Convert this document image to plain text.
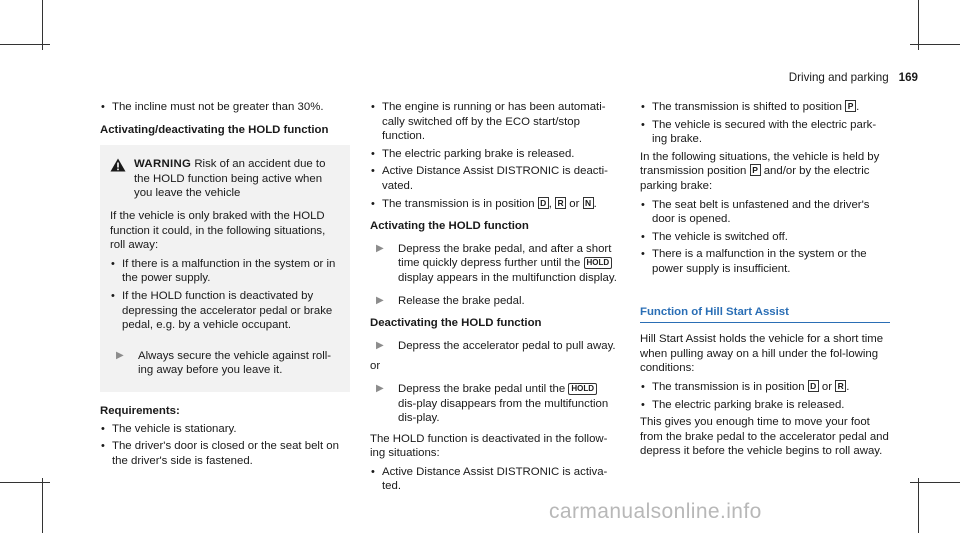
Driving and parking 169
• The incline must not be greater than 30%.
Activating/deactivating the HOLD function
WARNING Risk of an accident due to the HOLD function being active when you leave the vehicle

If the vehicle is only braked with the HOLD function it could, in the following situations, roll away:

• If there is a malfunction in the system or in the power supply.
• If the HOLD function is deactivated by depressing the accelerator pedal or brake pedal, e.g. by a vehicle occupant.
▶	Always secure the vehicle against roll-ing away before you leave it.
Requirements:
• The vehicle is stationary.
• The driver's door is closed or the seat belt on the driver's side is fastened.
• The engine is running or has been automati-cally switched off by the ECO start/stop function.
• The electric parking brake is released.
• Active Distance Assist DISTRONIC is deacti-vated.
• The transmission is in position D , R or N .
Activating the HOLD function
▶	Depress the brake pedal, and after a short time quickly depress further until the HOLD display appears in the multifunction display.
▶	Release the brake pedal.
Deactivating the HOLD function
▶	Depress the accelerator pedal to pull away.

or

▶	Depress the brake pedal until the HOLD dis-play disappears from the multifunction dis-play.

The HOLD function is deactivated in the follow-ing situations:

• Active Distance Assist DISTRONIC is activa-ted.
• The transmission is shifted to position P .
• The vehicle is secured with the electric park-ing brake.

In the following situations, the vehicle is held by transmission position P and/or by the electric parking brake:

• The seat belt is unfastened and the driver's door is opened.
• The vehicle is switched off.
• There is a malfunction in the system or the power supply is insufficient.
Function of Hill Start Assist

Hill Start Assist holds the vehicle for a short time when pulling away on a hill under the fol-lowing conditions:

• The transmission is in position D or R .
• The electric parking brake is released.

This gives you enough time to move your foot from the brake pedal to the accelerator pedal and depress it before the vehicle begins to roll away.

carmanualsonline.info
